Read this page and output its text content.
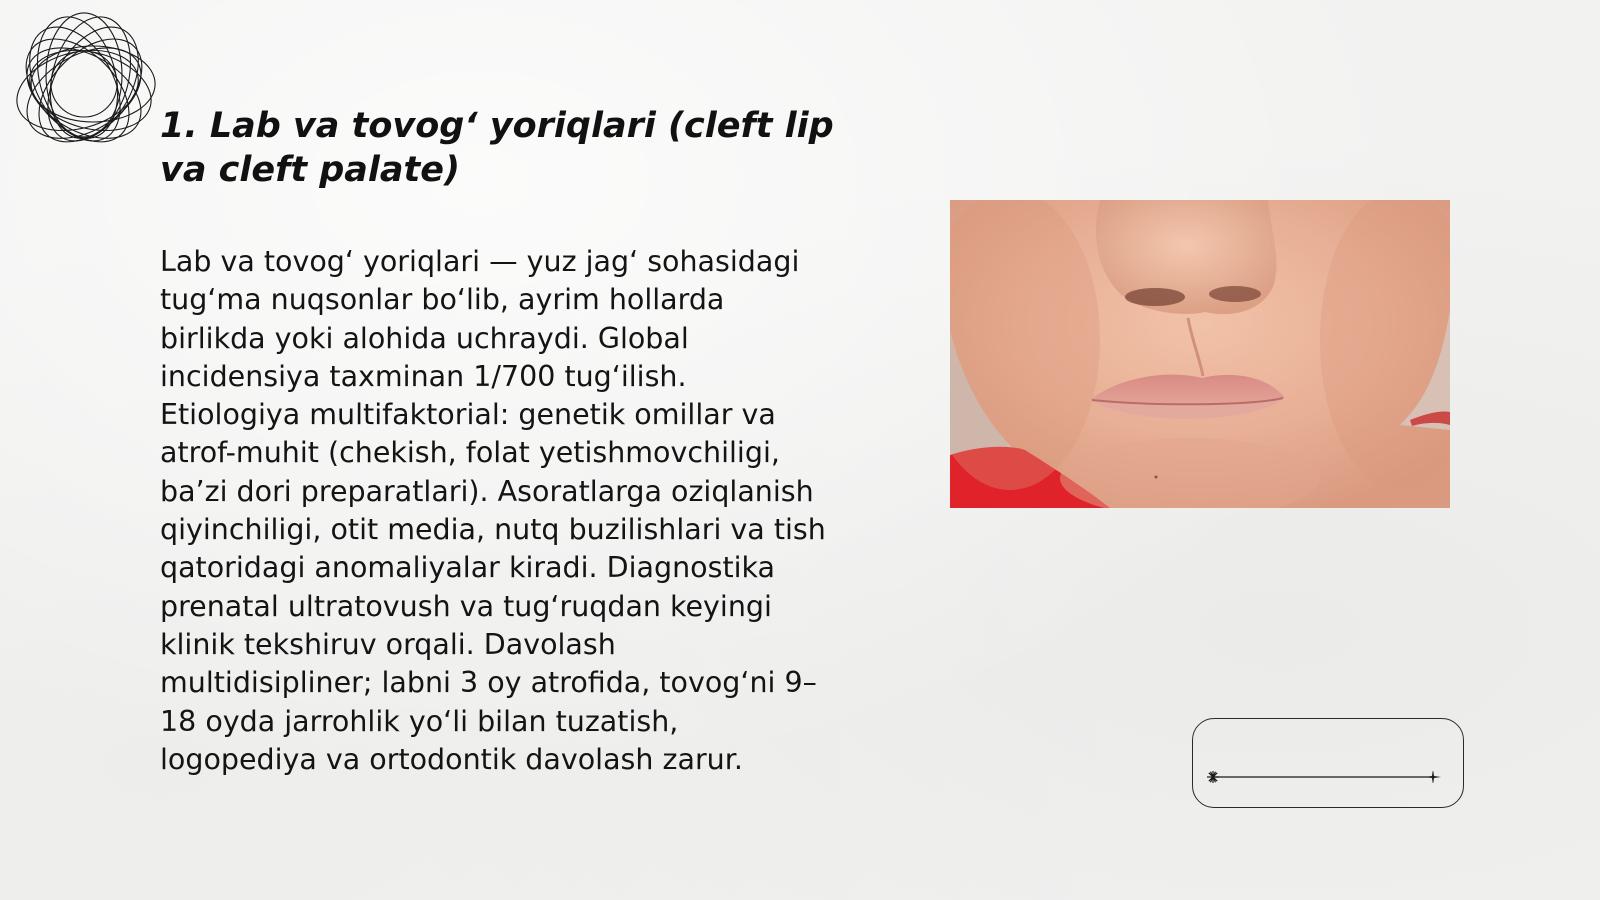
1. Lab va tovog‘ yoriqlari (cleft lip va cleft palate)

Lab va tovog‘ yoriqlari — yuz jag‘ sohasidagi tug‘ma nuqsonlar bo‘lib, ayrim hollarda birlikda yoki alohida uchraydi. Global incidensiya taxminan 1/700 tug‘ilish. Etiologiya multifaktorial: genetik omillar va atrof-muhit (chekish, folat yetishmovchiligi, ba’zi dori preparatlari). Asoratlarga oziqlanish qiyinchiligi, otit media, nutq buzilishlari va tish qatoridagi anomaliyalar kiradi. Diagnostika prenatal ultratovush va tug‘ruqdan keyingi klinik tekshiruv orqali. Davolash multidisipliner; labni 3 oy atrofida, tovog‘ni 9–18 oyda jarrohlik yo‘li bilan tuzatish, logopediya va ortodontik davolash zarur.
